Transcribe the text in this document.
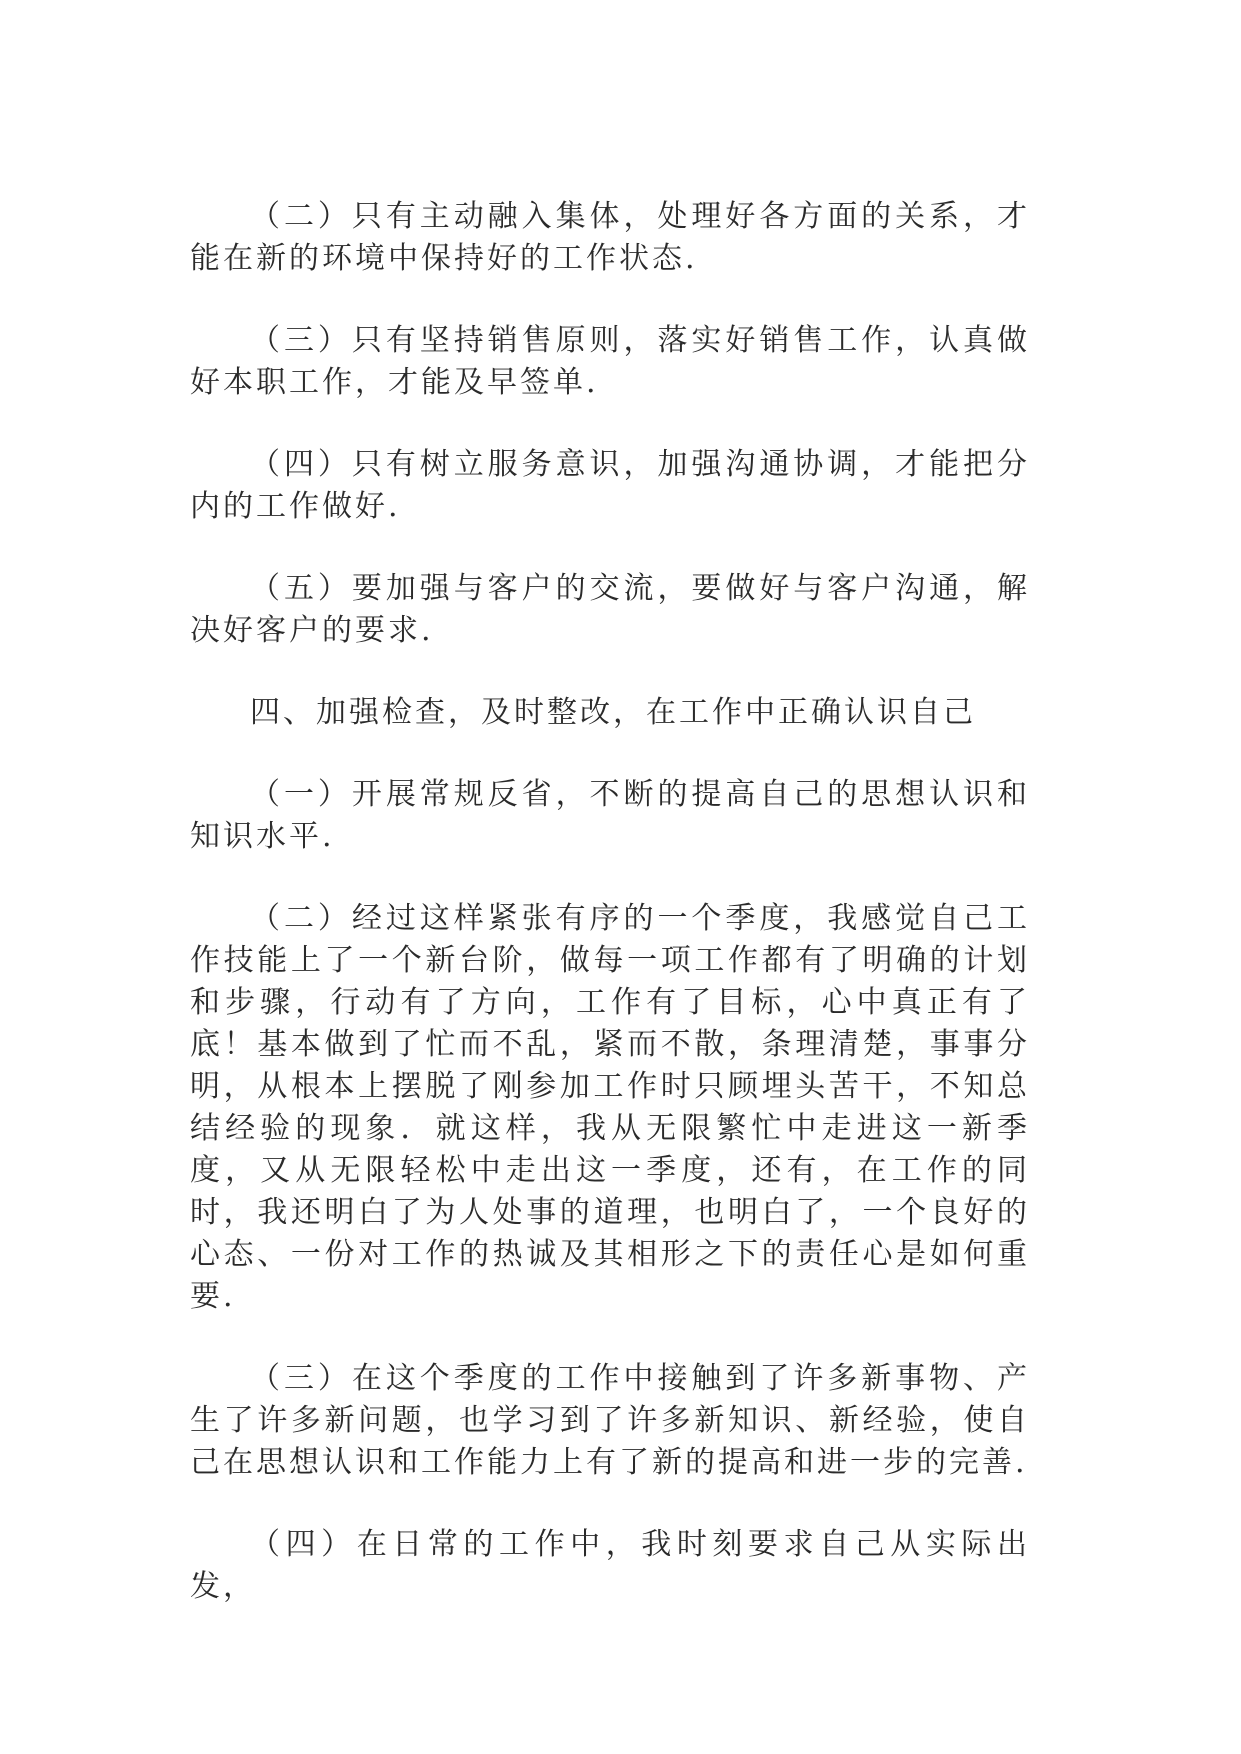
（二）只有主动融入集体，处理好各方面的关系，才能在新的环境中保持好的工作状态.

（三）只有坚持销售原则，落实好销售工作，认真做好本职工作，才能及早签单.

（四）只有树立服务意识，加强沟通协调，才能把分内的工作做好.

（五）要加强与客户的交流，要做好与客户沟通，解决好客户的要求.

四、加强检查，及时整改，在工作中正确认识自己

（一）开展常规反省，不断的提高自己的思想认识和知识水平.

（二）经过这样紧张有序的一个季度，我感觉自己工作技能上了一个新台阶，做每一项工作都有了明确的计划和步骤，行动有了方向，工作有了目标，心中真正有了底！基本做到了忙而不乱，紧而不散，条理清楚，事事分明，从根本上摆脱了刚参加工作时只顾埋头苦干，不知总结经验的现象．就这样，我从无限繁忙中走进这一新季度，又从无限轻松中走出这一季度，还有，在工作的同时，我还明白了为人处事的道理，也明白了，一个良好的心态、一份对工作的热诚及其相形之下的责任心是如何重要.

（三）在这个季度的工作中接触到了许多新事物、产生了许多新问题，也学习到了许多新知识、新经验，使自己在思想认识和工作能力上有了新的提高和进一步的完善.

（四）在日常的工作中，我时刻要求自己从实际出发，
